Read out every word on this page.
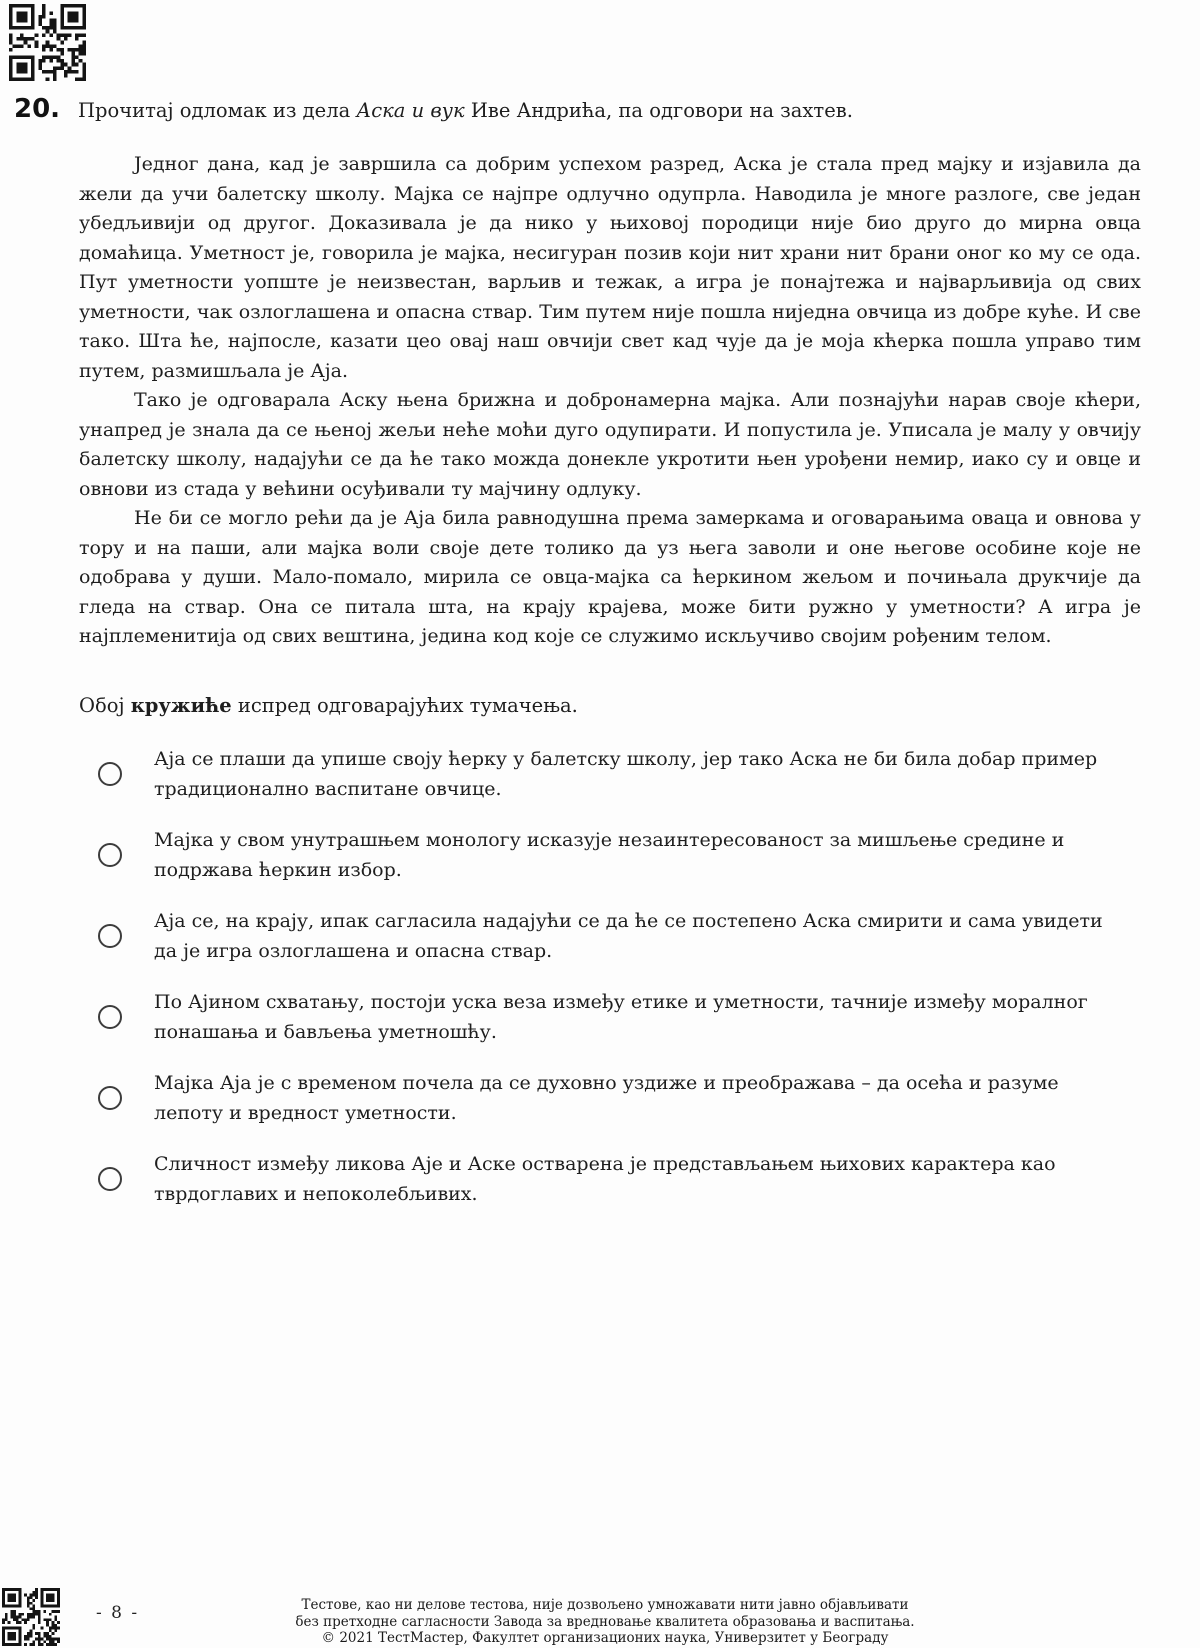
20. Прочитај одломак из дела Аска и вук Иве Андрића, па одговори на захтев.

Једног дана, кад је завршила са добрим успехом разред, Аска је стала пред мајку и изјавила да жели да учи балетску школу. Мајка се најпре одлучно одупрла. Наводила је многе разлоге, све један убедљивији од другог. Доказивала је да нико у њиховој породици није био друго до мирна овца домаћица. Уметност је, говорила је мајка, несигуран позив који нит храни нит брани оног ко му се ода. Пут уметности уопште је неизвестан, варљив и тежак, а игра је понајтежа и најварљивија од свих уметности, чак озлоглашена и опасна ствар. Тим путем није пошла ниједна овчица из добре куће. И све тако. Шта ће, најпосле, казати цео овај наш овчији свет кад чује да је моја кћерка пошла управо тим путем, размишљала је Аја.

Тако је одговарала Аску њена брижна и добронамерна мајка. Али познајући нарав своје кћери, унапред је знала да се њеној жељи неће моћи дуго одупирати. И попустила је. Уписала је малу у овчију балетску школу, надајући се да ће тако можда донекле укротити њен урођени немир, иако су и овце и овнови из стада у већини осуђивали ту мајчину одлуку.

Не би се могло рећи да је Аја била равнодушна према замеркама и оговарањима оваца и овнова у тору и на паши, али мајка воли своје дете толико да уз њега заволи и оне његове особине које не одобрава у души. Мало-помало, мирила се овца-мајка са ћеркином жељом и почињала друкчије да гледа на ствар. Она се питала шта, на крају крајева, може бити ружно у уметности? А игра је најплеменитија од свих вештина, једина код које се служимо искључиво својим рођеним телом.

Обој кружиће испред одговарајућих тумачења.
Аја се плаши да упише своју ћерку у балетску школу, јер тако Аска не би била добар пример традиционално васпитане овчице.
Мајка у свом унутрашњем монологу исказује незаинтересованост за мишљење средине и подржава ћеркин избор.
Аја се, на крају, ипак сагласила надајући се да ће се постепено Аска смирити и сама увидети да је игра озлоглашена и опасна ствар.
По Ајином схватању, постоји уска веза између етике и уметности, тачније између моралног понашања и бављења уметношћу.
Мајка Аја је с временом почела да се духовно уздиже и преображава – да осећа и разуме лепоту и вредност уметности.
Сличност између ликова Аје и Аске остварена је представљањем њихових карактера као тврдоглавих и непоколебљивих.
- 8 -	Тестове, као ни делове тестова, није дозвољено умножавати нити јавно објављивати
без претходне сагласности Завода за вредновање квалитета образовања и васпитања.
© 2021 ТестМастер, Факултет организационих наука, Универзитет у Београду
